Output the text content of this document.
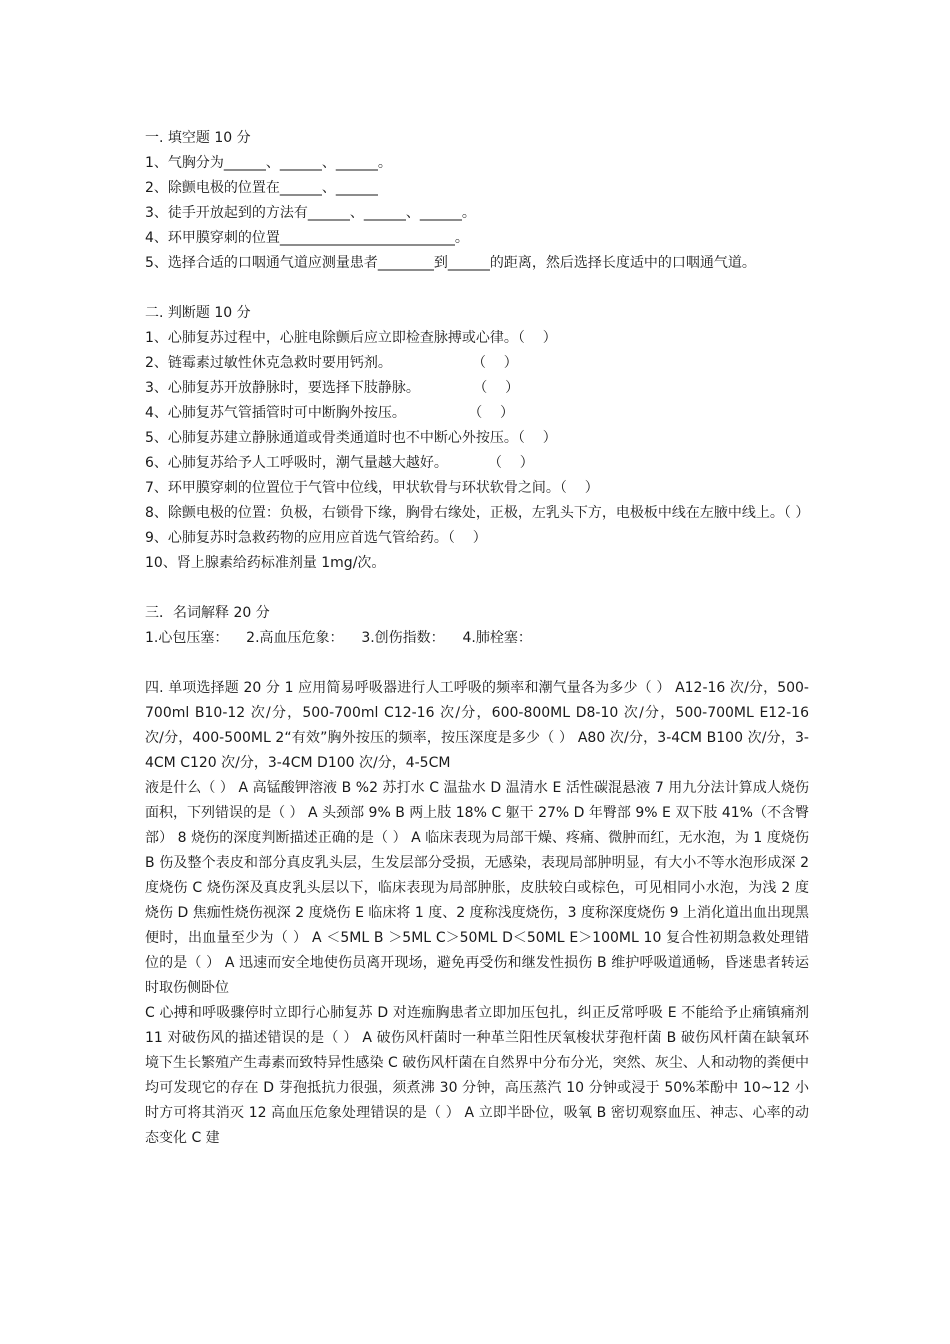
一. 填空题 10 分
1、气胸分为______、______、______。
2、除颤电极的位置在______、______
3、徒手开放起到的方法有______、______、______。
4、环甲膜穿刺的位置_________________________。
5、选择合适的口咽通气道应测量患者________到______的距离，然后选择长度适中的口咽通气道。
二. 判断题 10 分
1、心肺复苏过程中，心脏电除颤后应立即检查脉搏或心律。（    ）
2、链霉素过敏性休克急救时要用钙剂。                  （    ）
3、心肺复苏开放静脉时，要选择下肢静脉。            （    ）
4、心肺复苏气管插管时可中断胸外按压。              （    ）
5、心肺复苏建立静脉通道或骨类通道时也不中断心外按压。（    ）
6、心肺复苏给予人工呼吸时，潮气量越大越好。         （    ）
7、环甲膜穿刺的位置位于气管中位线，甲状软骨与环状软骨之间。（    ）
8、除颤电极的位置：负极，右锁骨下缘，胸骨右缘处，正极，左乳头下方，电极板中线在左腋中线上。（ ）
9、心肺复苏时急救药物的应用应首选气管给药。（    ）
10、肾上腺素给药标准剂量 1mg/次。
三．名词解释 20 分
1.心包压塞：    2.高血压危象：    3.创伤指数：    4.肺栓塞：
四. 单项选择题 20 分 1 应用简易呼吸器进行人工呼吸的频率和潮气量各为多少（ ） A12-16 次/分，500-700ml B10-12 次/分，500-700ml C12-16 次/分，600-800ML D8-10 次/分，500-700ML E12-16 次/分，400-500ML 2“有效”胸外按压的频率，按压深度是多少（ ） A80 次/分，3-4CM B100 次/分，3-4CM C120 次/分，3-4CM D100 次/分，4-5CM
液是什么（ ） A 高锰酸钾溶液 B %2 苏打水 C 温盐水 D 温清水 E 活性碳混悬液 7 用九分法计算成人烧伤面积，下列错误的是（ ） A 头颈部 9% B 两上肢 18% C 躯干 27% D 年臀部 9% E 双下肢 41%（不含臀部） 8 烧伤的深度判断描述正确的是（ ） A 临床表现为局部干燥、疼痛、微肿而红，无水泡，为 1 度烧伤 B 伤及整个表皮和部分真皮乳头层，生发层部分受损，无感染，表现局部肿明显，有大小不等水泡形成深 2 度烧伤 C 烧伤深及真皮乳头层以下，临床表现为局部肿胀，皮肤较白或棕色，可见相同小水泡，为浅 2 度烧伤 D 焦痂性烧伤视深 2 度烧伤 E 临床将 1 度、2 度称浅度烧伤，3 度称深度烧伤 9 上消化道出血出现黑便时，出血量至少为（ ） A ＜5ML B ＞5ML C＞50ML D＜50ML E＞100ML 10 复合性初期急救处理错位的是（ ） A 迅速而安全地使伤员离开现场，避免再受伤和继发性损伤 B 维护呼吸道通畅，昏迷患者转运时取伤侧卧位
C 心搏和呼吸骤停时立即行心肺复苏 D 对连痂胸患者立即加压包扎，纠正反常呼吸 E 不能给予止痛镇痛剂 11 对破伤风的描述错误的是（ ） A 破伤风杆菌时一种革兰阳性厌氧梭状芽孢杆菌 B 破伤风杆菌在缺氧环境下生长繁殖产生毒素而致特异性感染 C 破伤风杆菌在自然界中分布分光，突然、灰尘、人和动物的粪便中均可发现它的存在 D 芽孢抵抗力很强，须煮沸 30 分钟，高压蒸汽 10 分钟或浸于 50%苯酚中 10~12 小时方可将其消灭 12 高血压危象处理错误的是（ ） A 立即半卧位，吸氧 B 密切观察血压、神志、心率的动态变化 C 建
